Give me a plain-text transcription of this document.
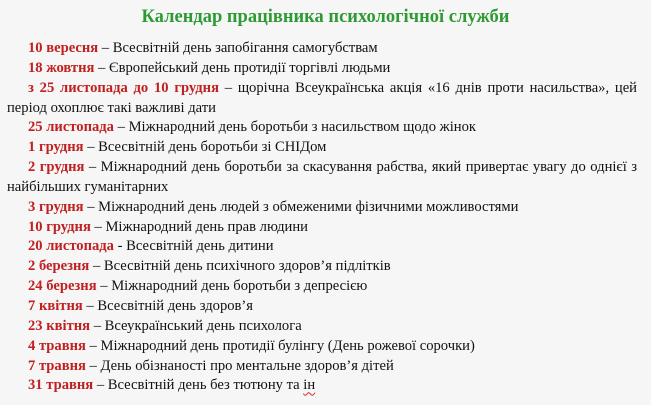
Календар працівника психологічної служби

10 вересня – Всесвітній день запобігання самогубствам

18 жовтня – Європейський день протидії торгівлі людьми

з 25 листопада до 10 грудня – щорічна Всеукраїнська акція «16 днів проти насильства», цей період охоплює такі важливі дати

25 листопада – Міжнародний день боротьби з насильством щодо жінок

1 грудня – Всесвітній день боротьби зі СНІДом

2 грудня – Міжнародний день боротьби за скасування рабства, який привертає увагу до однієї з найбільших гуманітарних

3 грудня – Міжнародний день людей з обмеженими фізичними можливостями

10 грудня – Міжнародний день прав людини

20 листопада - Всесвітній день дитини

2 березня – Всесвітній день психічного здоров’я підлітків

24 березня – Міжнародний день боротьби з депресією

7 квітня – Всесвітній день здоров’я

23 квітня – Всеукраїнський день психолога

4 травня – Міжнародний день протидії булінгу (День рожевої сорочки)

7 травня – День обізнаності про ментальне здоров’я дітей

31 травня – Всесвітній день без тютюну та ін
